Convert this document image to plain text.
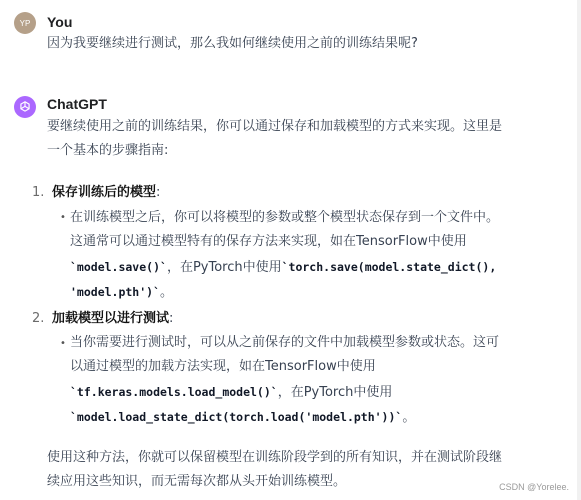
YP You
因为我要继续进行测试，那么我如何继续使用之前的训练结果呢?
ChatGPT
要继续使用之前的训练结果，你可以通过保存和加载模型的方式来实现。这里是
一个基本的步骤指南:
1. 保存训练后的模型:
• 在训练模型之后，你可以将模型的参数或整个模型状态保存到一个文件中。
这通常可以通过模型特有的保存方法来实现，如在TensorFlow中使用
`model.save()`，在PyTorch中使用`torch.save(model.state_dict(),
'model.pth')`。
2. 加载模型以进行测试:
• 当你需要进行测试时，可以从之前保存的文件中加载模型参数或状态。这可
以通过模型的加载方法实现，如在TensorFlow中使用
`tf.keras.models.load_model()`，在PyTorch中使用
`model.load_state_dict(torch.load('model.pth'))`。
使用这种方法，你就可以保留模型在训练阶段学到的所有知识，并在测试阶段继
续应用这些知识，而无需每次都从头开始训练模型。	CSDN @Yorelee.
